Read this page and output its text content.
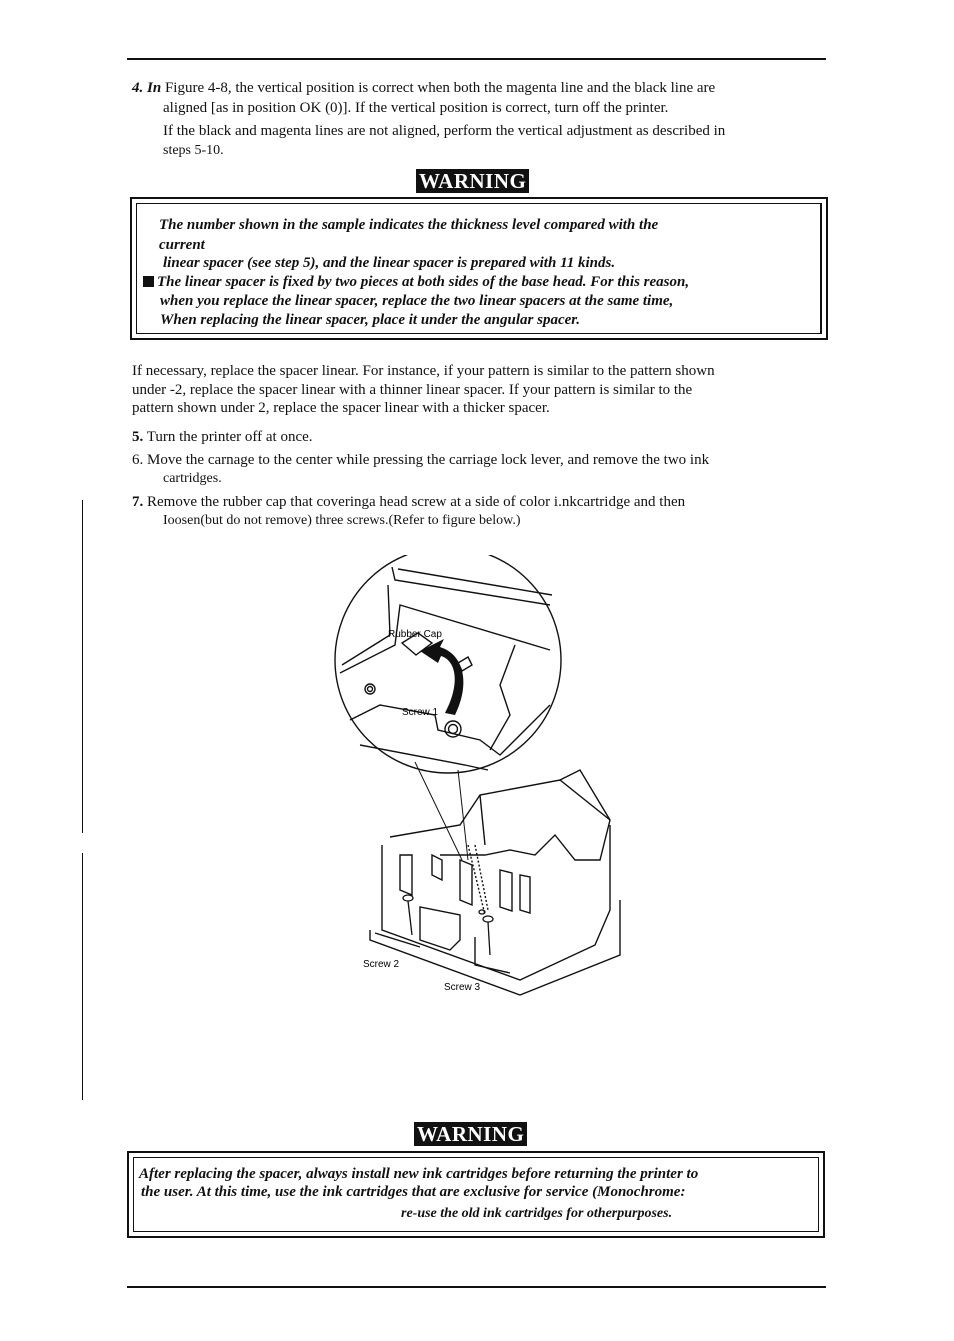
4. In Figure 4-8, the vertical position is correct when both the magenta line and the black line are

aligned [as in position OK (0)]. If the vertical position is correct, turn off the printer.

If the black and magenta lines are not aligned, perform the vertical adjustment as described in

steps 5-10.

WARNING

The number shown in the sample indicates the thickness level compared with the

current

linear spacer (see step 5), and the linear spacer is prepared with 11 kinds.

The linear spacer is fixed by two pieces at both sides of the base head. For this reason,

when you replace the linear spacer, replace the two linear spacers at the same time,

When replacing the linear spacer, place it under the angular spacer.

If necessary, replace the spacer linear. For instance, if your pattern is similar to the pattern shown

under -2, replace the spacer linear with a thinner linear spacer. If your pattern is similar to the

pattern shown under 2, replace the spacer linear with a thicker spacer.

5. Turn the printer off at once.

6. Move the carnage to the center while pressing the carriage lock lever, and remove the two ink

cartridges.

7. Remove the rubber cap that coveringa head screw at a side of color i.nkcartridge and then

Ioosen(but do not remove) three screws.(Refer to figure below.)

Rubber Cap
Screw 1
Screw 2
Screw 3
WARNING

After replacing the spacer, always install new ink cartridges before returning the printer to

the user. At this time, use the ink cartridges that are exclusive for service (Monochrome:

re-use the old ink cartridges for otherpurposes.
